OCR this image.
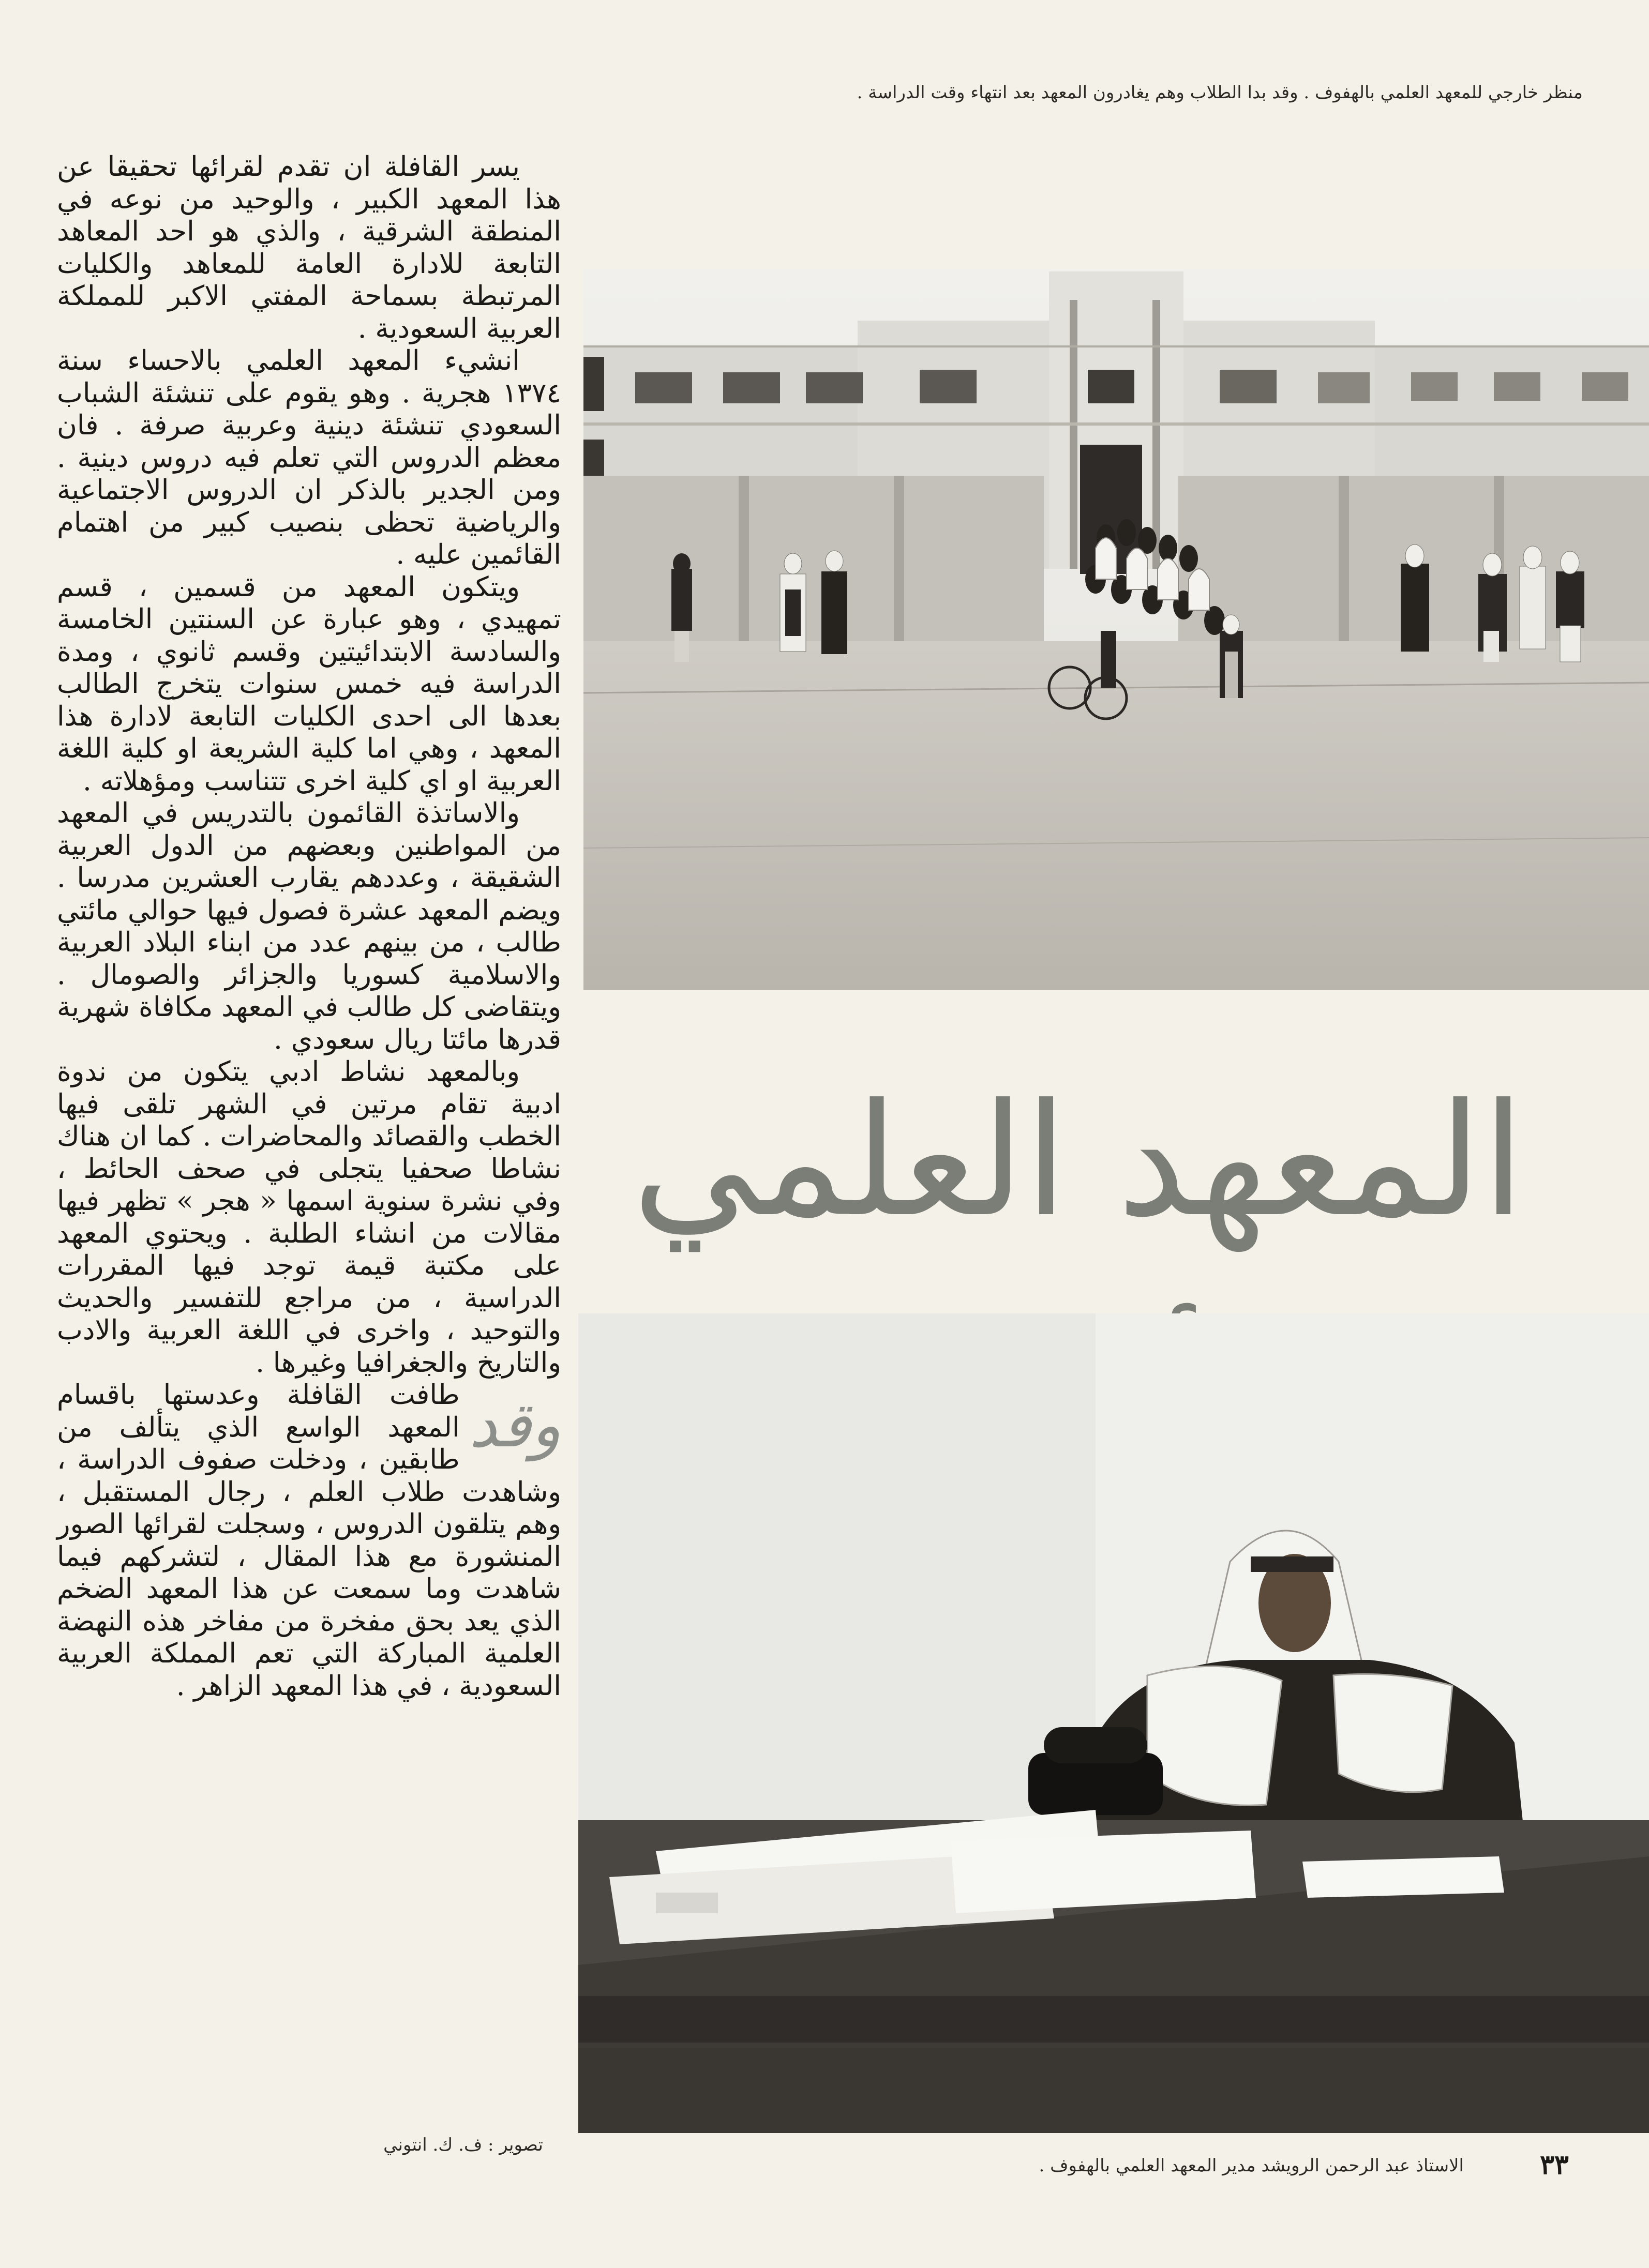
منظر خارجي للمعهد العلمي بالهفوف . وقد بدا الطلاب وهم يغادرون المعهد بعد انتهاء وقت الدراسة .
المعهد العلمي

يسر القافلة ان تقدم لقرائها تحقيقا عن هذا المعهد الكبير ، والوحيد من نوعه في المنطقة الشرقية ، والذي هو احد المعاهد التابعة للادارة العامة للمعاهد والكليات المرتبطة بسماحة المفتي الاكبر للمملكة العربية السعودية .

انشيء المعهد العلمي بالاحساء سنة ١٣٧٤ هجرية . وهو يقوم على تنشئة الشباب السعودي تنشئة دينية وعربية صرفة . فان معظم الدروس التي تعلم فيه دروس دينية . ومن الجدير بالذكر ان الدروس الاجتماعية والرياضية تحظى بنصيب كبير من اهتمام القائمين عليه .

ويتكون المعهد من قسمين ، قسم تمهيدي ، وهو عبارة عن السنتين الخامسة والسادسة الابتدائيتين وقسم ثانوي ، ومدة الدراسة فيه خمس سنوات يتخرج الطالب بعدها الى احدى الكليات التابعة لادارة هذا المعهد ، وهي اما كلية الشريعة او كلية اللغة العربية او اي كلية اخرى تتناسب ومؤهلاته .

والاساتذة القائمون بالتدريس في المعهد من المواطنين وبعضهم من الدول العربية الشقيقة ، وعددهم يقارب العشرين مدرسا . ويضم المعهد عشرة فصول فيها حوالي مائتي طالب ، من بينهم عدد من ابناء البلاد العربية والاسلامية كسوريا والجزائر والصومال . ويتقاضى كل طالب في المعهد مكافاة شهرية قدرها مائتا ريال سعودي .

وبالمعهد نشاط ادبي يتكون من ندوة ادبية تقام مرتين في الشهر تلقى فيها الخطب والقصائد والمحاضرات . كما ان هناك نشاطا صحفيا يتجلى في صحف الحائط ، وفي نشرة سنوية اسمها « هجر » تظهر فيها مقالات من انشاء الطلبة . ويحتوي المعهد على مكتبة قيمة توجد فيها المقررات الدراسية ، من مراجع للتفسير والحديث والتوحيد ، واخرى في اللغة العربية والادب والتاريخ والجغرافيا وغيرها .

وقد
طافت القافلة وعدستها باقسام المعهد الواسع الذي يتألف من طابقين ، ودخلت صفوف الدراسة ، وشاهدت طلاب العلم ، رجال المستقبل ، وهم يتلقون الدروس ، وسجلت لقرائها الصور المنشورة مع هذا المقال ، لتشركهم فيما شاهدت وما سمعت عن هذا المعهد الضخم الذي يعد بحق مفخرة من مفاخر هذه النهضة العلمية المباركة التي تعم المملكة العربية السعودية ، في هذا المعهد الزاهر .

تصوير : ف. ك. انتوني
الاستاذ عبد الرحمن الرويشد مدير المعهد العلمي بالهفوف .	٣٣
